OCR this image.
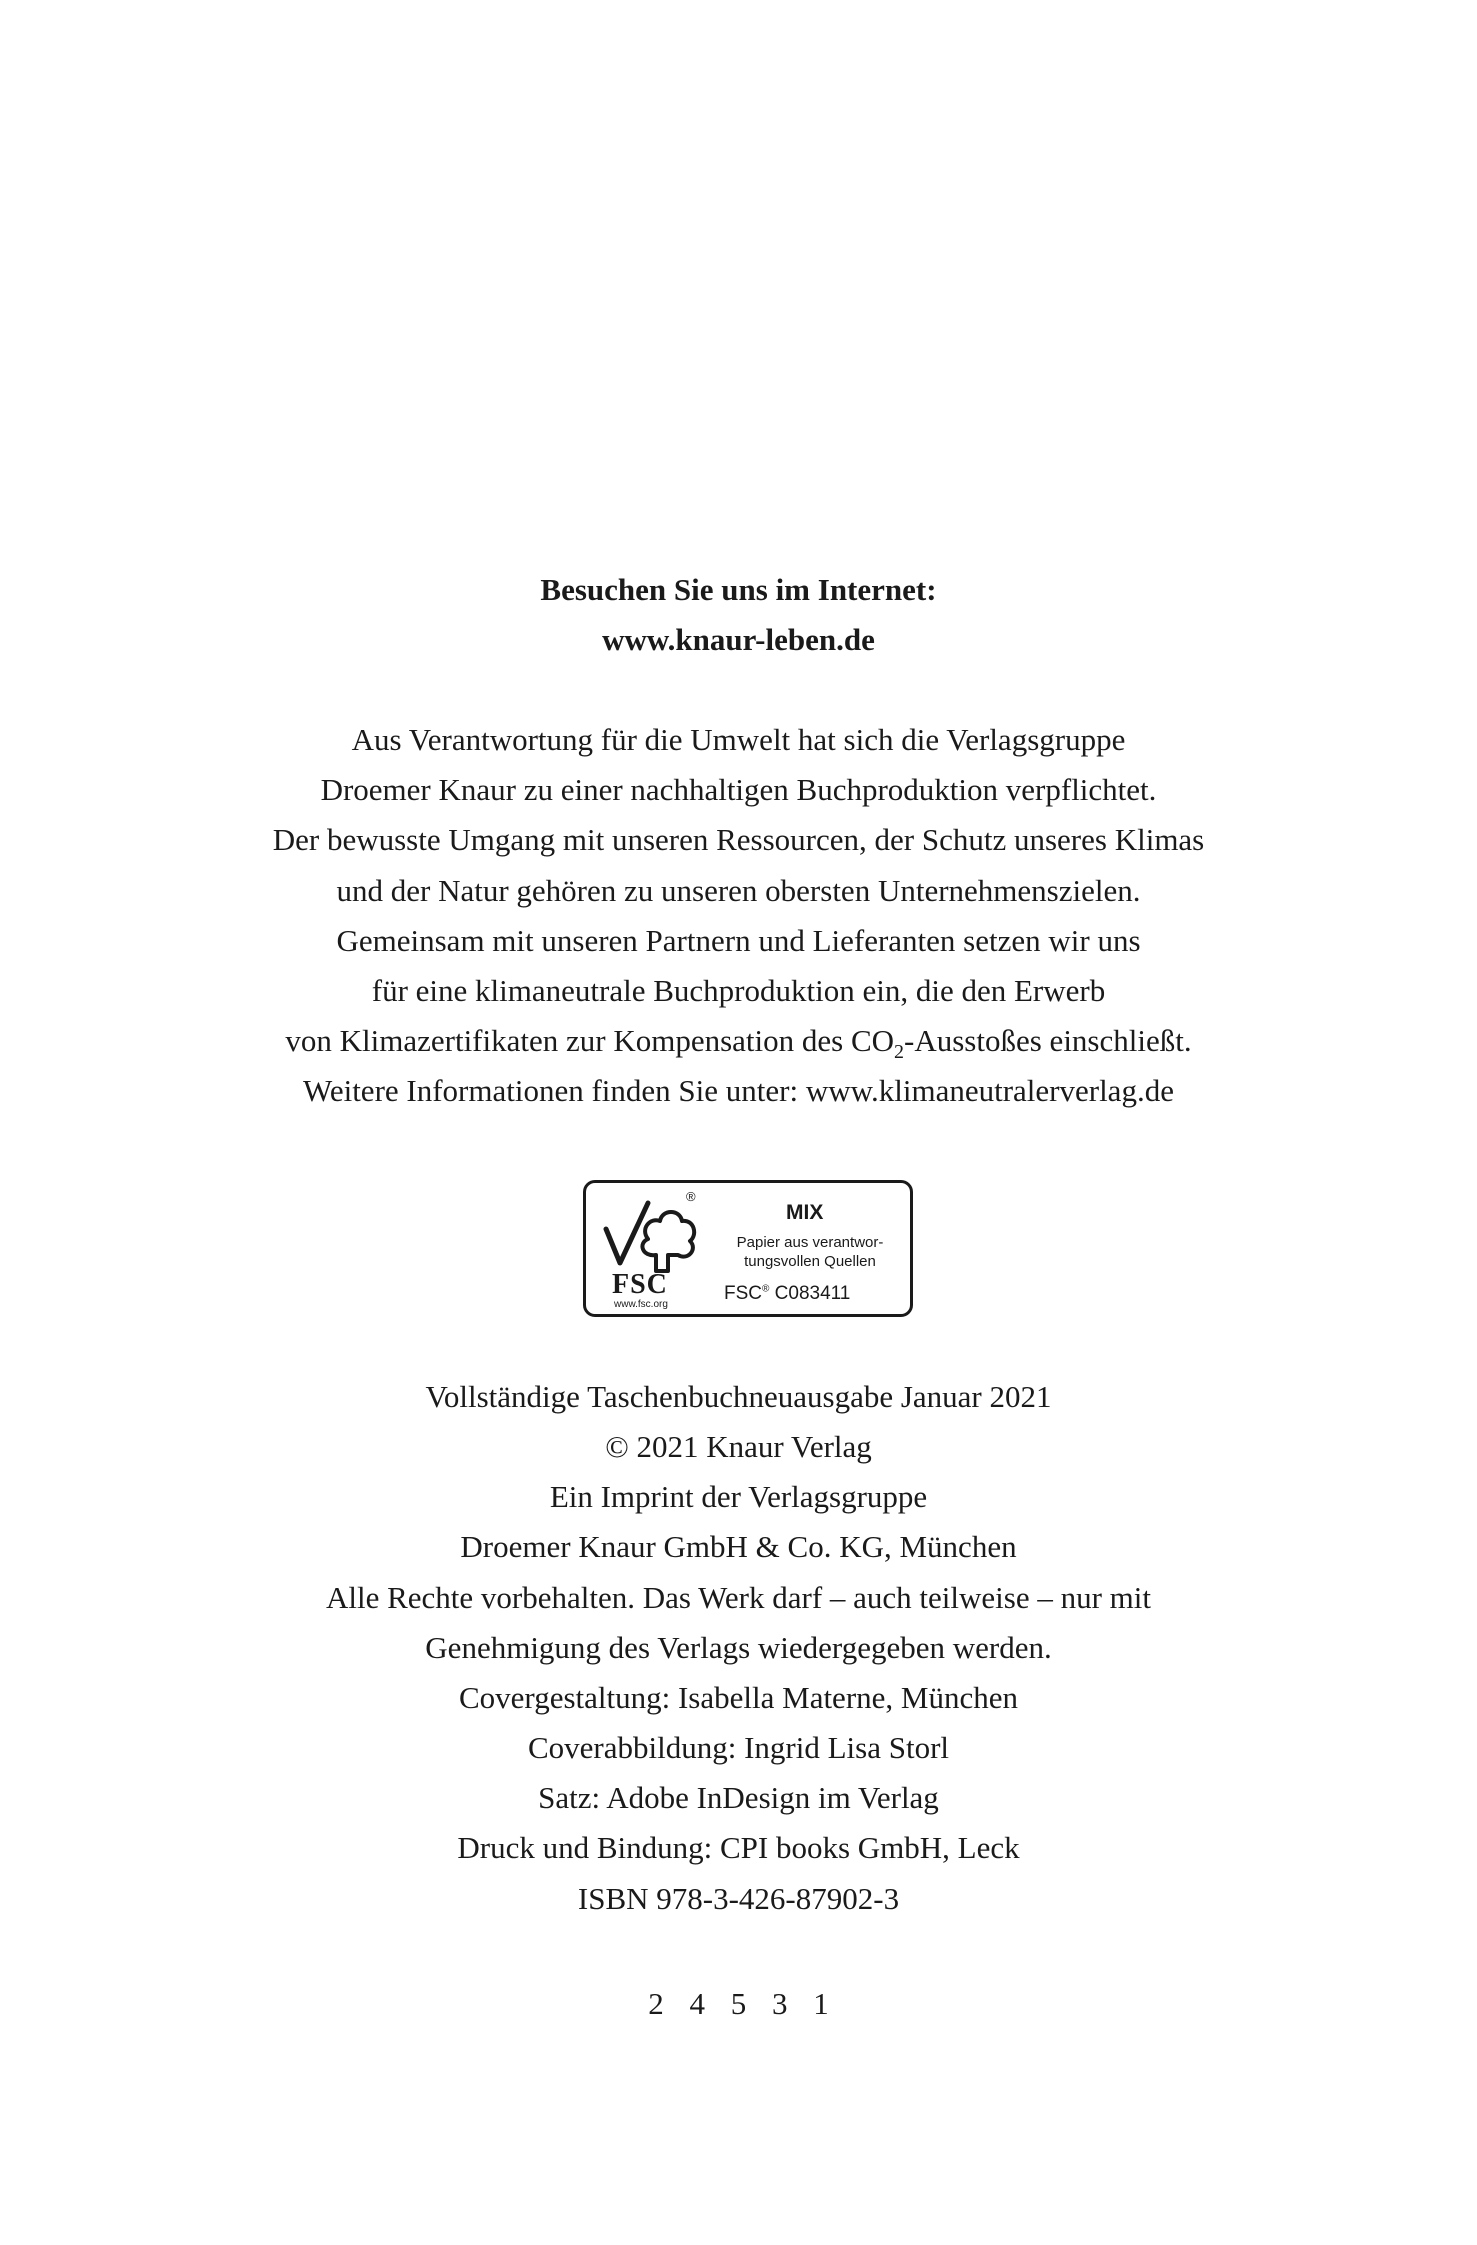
Besuchen Sie uns im Internet:
www.knaur-leben.de
Aus Verantwortung für die Umwelt hat sich die Verlagsgruppe
Droemer Knaur zu einer nachhaltigen Buchproduktion verpflichtet.
Der bewusste Umgang mit unseren Ressourcen, der Schutz unseres Klimas
und der Natur gehören zu unseren obersten Unternehmenszielen.
Gemeinsam mit unseren Partnern und Lieferanten setzen wir uns
für eine klimaneutrale Buchproduktion ein, die den Erwerb
von Klimazertifikaten zur Kompensation des $CO_2$-Ausstoßes einschließt.
Weitere Informationen finden Sie unter: www.klimaneutralerverlag.de
®
FSC
www.fsc.org
MIX
Papier aus verantwor-
tungsvollen Quellen
FSC® C083411
Vollständige Taschenbuchneuausgabe Januar 2021
© 2021 Knaur Verlag
Ein Imprint der Verlagsgruppe
Droemer Knaur GmbH & Co. KG, München
Alle Rechte vorbehalten. Das Werk darf – auch teilweise – nur mit
Genehmigung des Verlags wiedergegeben werden.
Covergestaltung: Isabella Materne, München
Coverabbildung: Ingrid Lisa Storl
Satz: Adobe InDesign im Verlag
Druck und Bindung: CPI books GmbH, Leck
ISBN 978-3-426-87902-3
2 4 5 3 1
